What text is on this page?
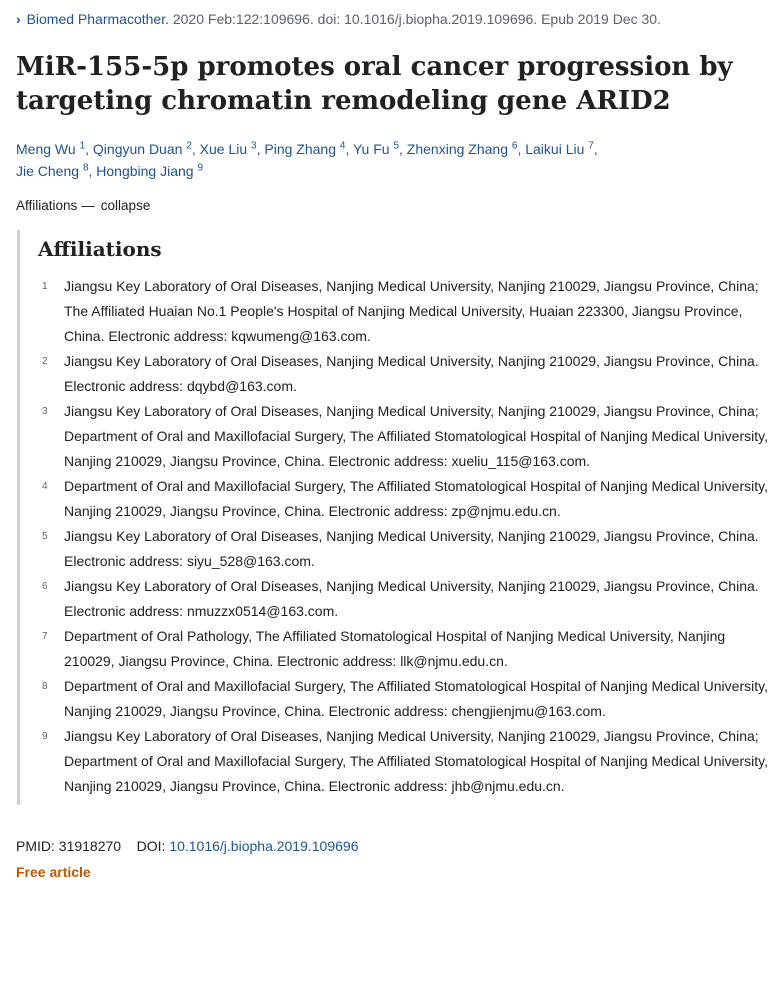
› Biomed Pharmacother. 2020 Feb:122:109696. doi: 10.1016/j.biopha.2019.109696. Epub 2019 Dec 30.
MiR-155-5p promotes oral cancer progression by targeting chromatin remodeling gene ARID2
Meng Wu $^1$, Qingyun Duan $^2$, Xue Liu $^3$, Ping Zhang $^4$, Yu Fu $^5$, Zhenxing Zhang $^6$, Laikui Liu $^7$,
Jie Cheng $^8$, Hongbing Jiang $^9$
Affiliations — collapse
Affiliations
1	Jiangsu Key Laboratory of Oral Diseases, Nanjing Medical University, Nanjing 210029, Jiangsu Province, China; The Affiliated Huaian No.1 People's Hospital of Nanjing Medical University, Huaian 223300, Jiangsu Province, China. Electronic address: kqwumeng@163.com.
2	Jiangsu Key Laboratory of Oral Diseases, Nanjing Medical University, Nanjing 210029, Jiangsu Province, China. Electronic address: dqybd@163.com.
3	Jiangsu Key Laboratory of Oral Diseases, Nanjing Medical University, Nanjing 210029, Jiangsu Province, China; Department of Oral and Maxillofacial Surgery, The Affiliated Stomatological Hospital of Nanjing Medical University, Nanjing 210029, Jiangsu Province, China. Electronic address: xueliu_115@163.com.
4	Department of Oral and Maxillofacial Surgery, The Affiliated Stomatological Hospital of Nanjing Medical University, Nanjing 210029, Jiangsu Province, China. Electronic address: zp@njmu.edu.cn.
5	Jiangsu Key Laboratory of Oral Diseases, Nanjing Medical University, Nanjing 210029, Jiangsu Province, China. Electronic address: siyu_528@163.com.
6	Jiangsu Key Laboratory of Oral Diseases, Nanjing Medical University, Nanjing 210029, Jiangsu Province, China. Electronic address: nmuzzx0514@163.com.
7	Department of Oral Pathology, The Affiliated Stomatological Hospital of Nanjing Medical University, Nanjing 210029, Jiangsu Province, China. Electronic address: llk@njmu.edu.cn.
8	Department of Oral and Maxillofacial Surgery, The Affiliated Stomatological Hospital of Nanjing Medical University, Nanjing 210029, Jiangsu Province, China. Electronic address: chengjienjmu@163.com.
9	Jiangsu Key Laboratory of Oral Diseases, Nanjing Medical University, Nanjing 210029, Jiangsu Province, China; Department of Oral and Maxillofacial Surgery, The Affiliated Stomatological Hospital of Nanjing Medical University, Nanjing 210029, Jiangsu Province, China. Electronic address: jhb@njmu.edu.cn.
PMID: 31918270 DOI: 10.1016/j.biopha.2019.109696
Free article
